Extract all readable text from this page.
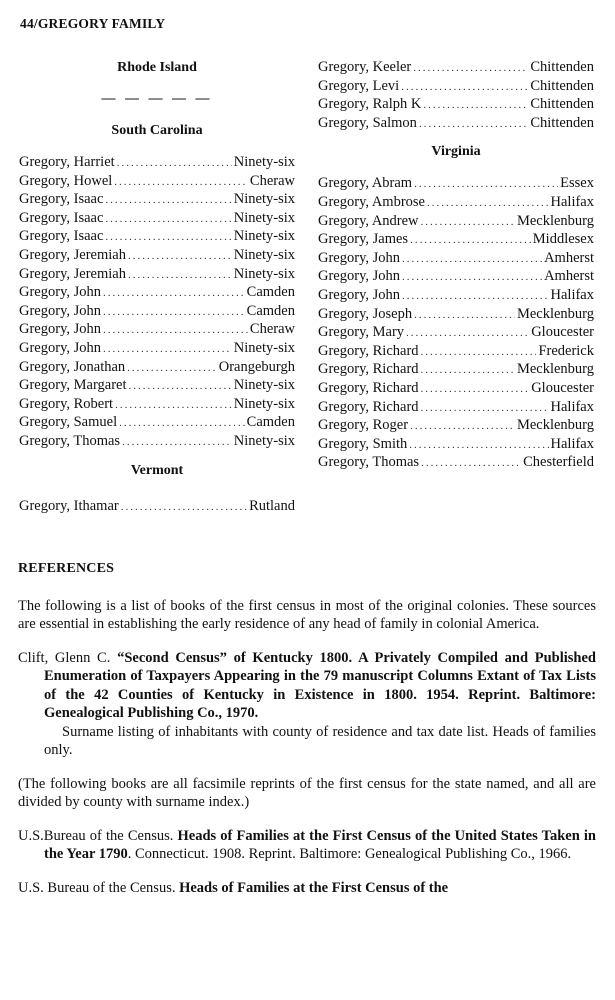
44/GREGORY FAMILY
Rhode Island
— — — — —
South Carolina
Gregory, Harriet .....	Ninety-six
Gregory, Howel .....	Cheraw
Gregory, Isaac .....	Ninety-six
Gregory, Isaac .....	Ninety-six
Gregory, Isaac .....	Ninety-six
Gregory, Jeremiah .....	Ninety-six
Gregory, Jeremiah .....	Ninety-six
Gregory, John .....	Camden
Gregory, John .....	Camden
Gregory, John .....	Cheraw
Gregory, John .....	Ninety-six
Gregory, Jonathan .....	Orangeburgh
Gregory, Margaret .....	Ninety-six
Gregory, Robert .....	Ninety-six
Gregory, Samuel .....	Camden
Gregory, Thomas .....	Ninety-six
Vermont
Gregory, Ithamar .....	Rutland
Gregory, Keeler .....	Chittenden
Gregory, Levi .....	Chittenden
Gregory, Ralph K .....	Chittenden
Gregory, Salmon .....	Chittenden
Virginia
Gregory, Abram .....	Essex
Gregory, Ambrose .....	Halifax
Gregory, Andrew .....	Mecklenburg
Gregory, James .....	Middlesex
Gregory, John .....	Amherst
Gregory, John .....	Amherst
Gregory, John .....	Halifax
Gregory, Joseph .....	Mecklenburg
Gregory, Mary .....	Gloucester
Gregory, Richard .....	Frederick
Gregory, Richard .....	Mecklenburg
Gregory, Richard .....	Gloucester
Gregory, Richard .....	Halifax
Gregory, Roger .....	Mecklenburg
Gregory, Smith .....	Halifax
Gregory, Thomas .....	Chesterfield
REFERENCES
The following is a list of books of the first census in most of the original colonies. These sources are essential in establishing the early residence of any head of family in colonial America.
Clift, Glenn C. “Second Census” of Kentucky 1800. A Privately Compiled and Published Enumeration of Taxpayers Appearing in the 79 manuscript Columns Extant of Tax Lists of the 42 Counties of Kentucky in Existence in 1800. 1954. Reprint. Baltimore: Genealogical Publishing Co., 1970.
Surname listing of inhabitants with county of residence and tax date list. Heads of families only.
(The following books are all facsimile reprints of the first census for the state named, and all are divided by county with surname index.)
U.S.Bureau of the Census. Heads of Families at the First Census of the United States Taken in the Year 1790. Connecticut. 1908. Reprint. Baltimore: Genealogical Publishing Co., 1966.
U.S. Bureau of the Census. Heads of Families at the First Census of the
